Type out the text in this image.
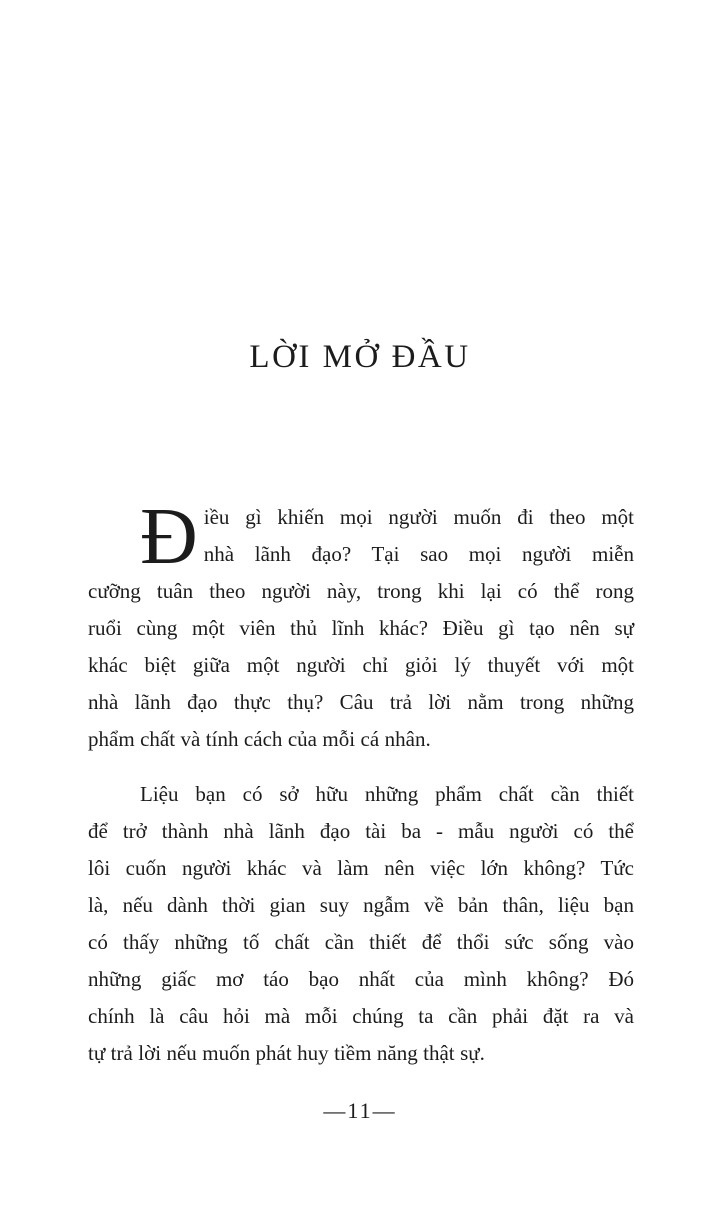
LỜI MỞ ĐẦU

Đ iều gì khiến mọi người muốn đi theo một
nhà lãnh đạo? Tại sao mọi người miễn
cưỡng tuân theo người này, trong khi lại có thể rong
ruổi cùng một viên thủ lĩnh khác? Điều gì tạo nên sự
khác biệt giữa một người chỉ giỏi lý thuyết với một
nhà lãnh đạo thực thụ? Câu trả lời nằm trong những
phẩm chất và tính cách của mỗi cá nhân.

Liệu bạn có sở hữu những phẩm chất cần thiết
để trở thành nhà lãnh đạo tài ba - mẫu người có thể
lôi cuốn người khác và làm nên việc lớn không? Tức
là, nếu dành thời gian suy ngẫm về bản thân, liệu bạn
có thấy những tố chất cần thiết để thổi sức sống vào
những giấc mơ táo bạo nhất của mình không? Đó
chính là câu hỏi mà mỗi chúng ta cần phải đặt ra và
tự trả lời nếu muốn phát huy tiềm năng thật sự.

—11—
